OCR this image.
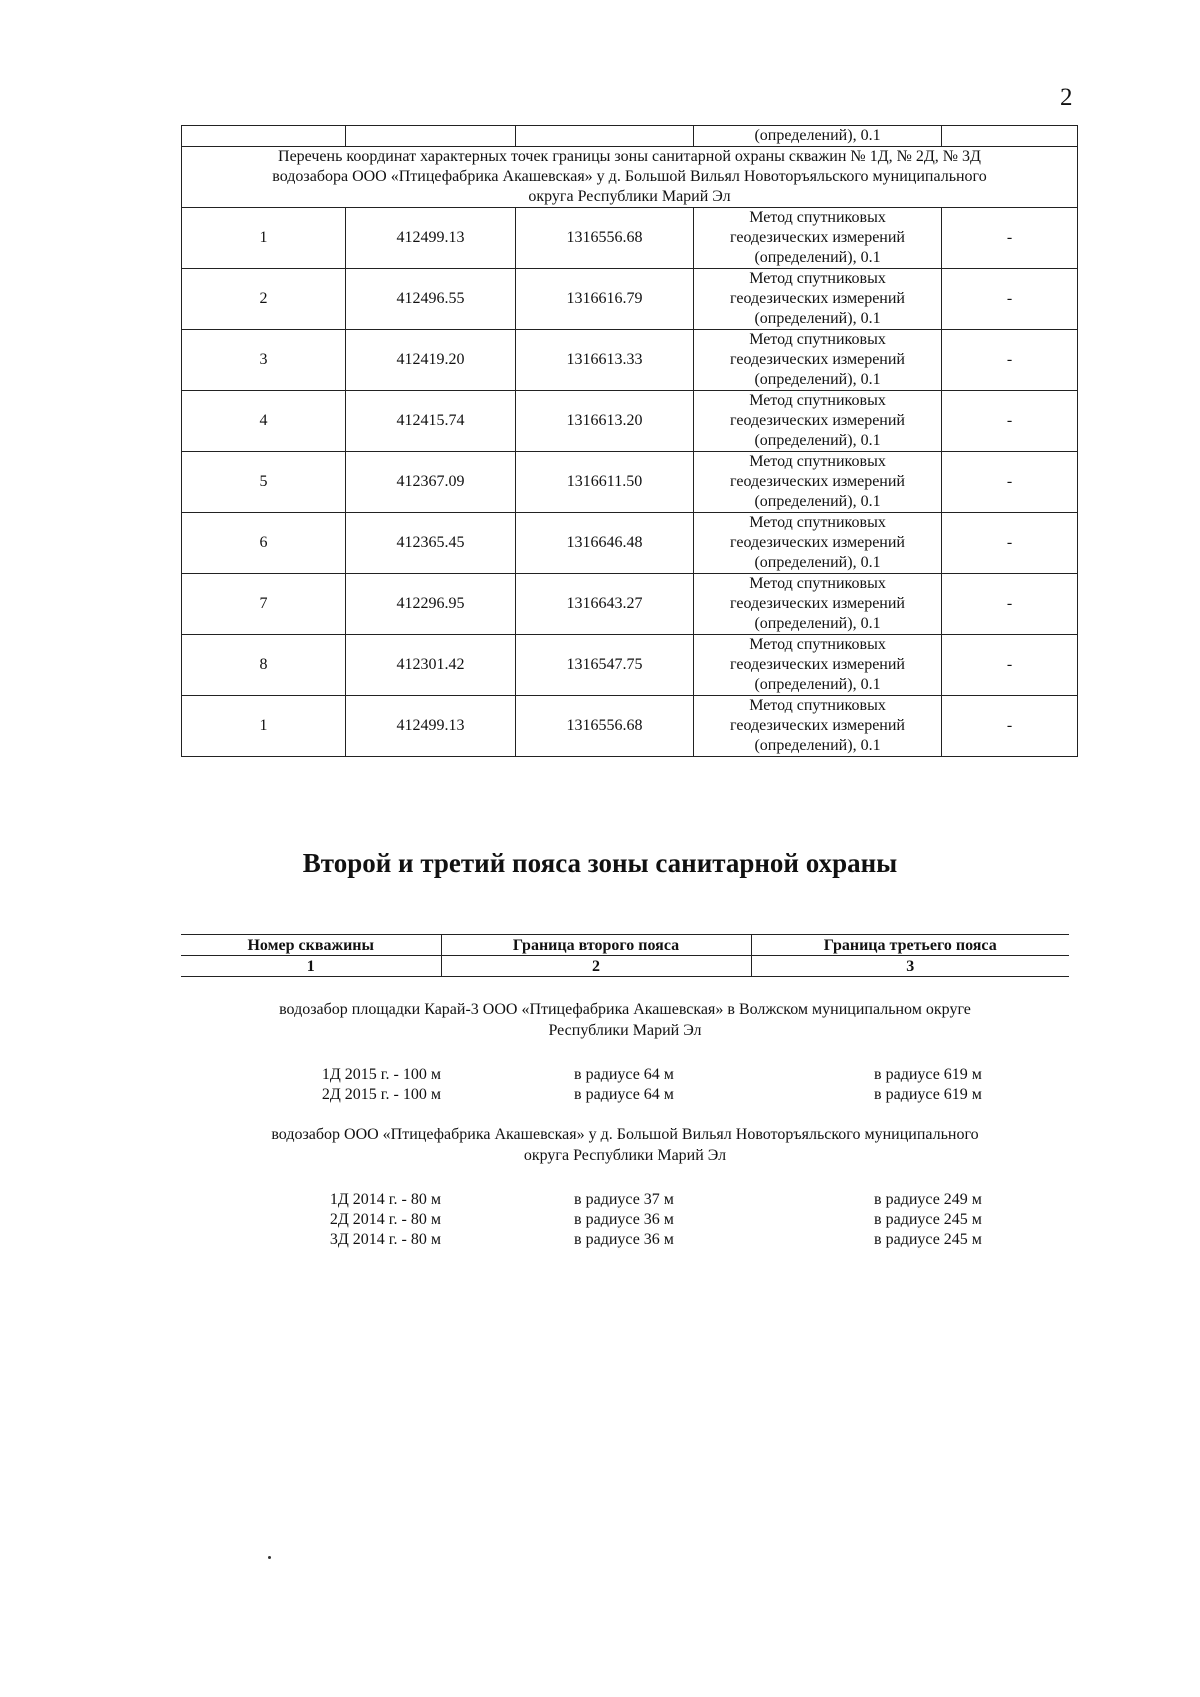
2
			(определений), 0.1	

Перечень координат характерных точек границы зоны санитарной охраны скважин № 1Д, № 2Д, № 3Д
водозабора ООО «Птицефабрика Акашевская» у д. Большой Вильял Новоторъяльского муниципального
округа Республики Марий Эл				

1	412499.13	1316556.68	Метод спутниковых
геодезических измерений
(определений), 0.1	-
2	412496.55	1316616.79	Метод спутниковых
геодезических измерений
(определений), 0.1	-
3	412419.20	1316613.33	Метод спутниковых
геодезических измерений
(определений), 0.1	-
4	412415.74	1316613.20	Метод спутниковых
геодезических измерений
(определений), 0.1	-
5	412367.09	1316611.50	Метод спутниковых
геодезических измерений
(определений), 0.1	-
6	412365.45	1316646.48	Метод спутниковых
геодезических измерений
(определений), 0.1	-
7	412296.95	1316643.27	Метод спутниковых
геодезических измерений
(определений), 0.1	-
8	412301.42	1316547.75	Метод спутниковых
геодезических измерений
(определений), 0.1	-
1	412499.13	1316556.68	Метод спутниковых
геодезических измерений
(определений), 0.1	-
Второй и третий пояса зоны санитарной охраны
Номер скважины	Граница второго пояса	Граница третьего пояса
1	2	3
водозабор площадки Карай-3 ООО «Птицефабрика Акашевская» в Волжском муниципальном округе
Республики Марий Эл
1Д 2015 г. - 100 м	в радиусе 64 м	в радиусе 619 м
2Д 2015 г. - 100 м	в радиусе 64 м	в радиусе 619 м
водозабор ООО «Птицефабрика Акашевская» у д. Большой Вильял Новоторъяльского муниципального
округа Республики Марий Эл
1Д 2014 г. - 80 м	в радиусе 37 м	в радиусе 249 м
2Д 2014 г. - 80 м	в радиусе 36 м	в радиусе 245 м
3Д 2014 г. - 80 м	в радиусе 36 м	в радиусе 245 м
